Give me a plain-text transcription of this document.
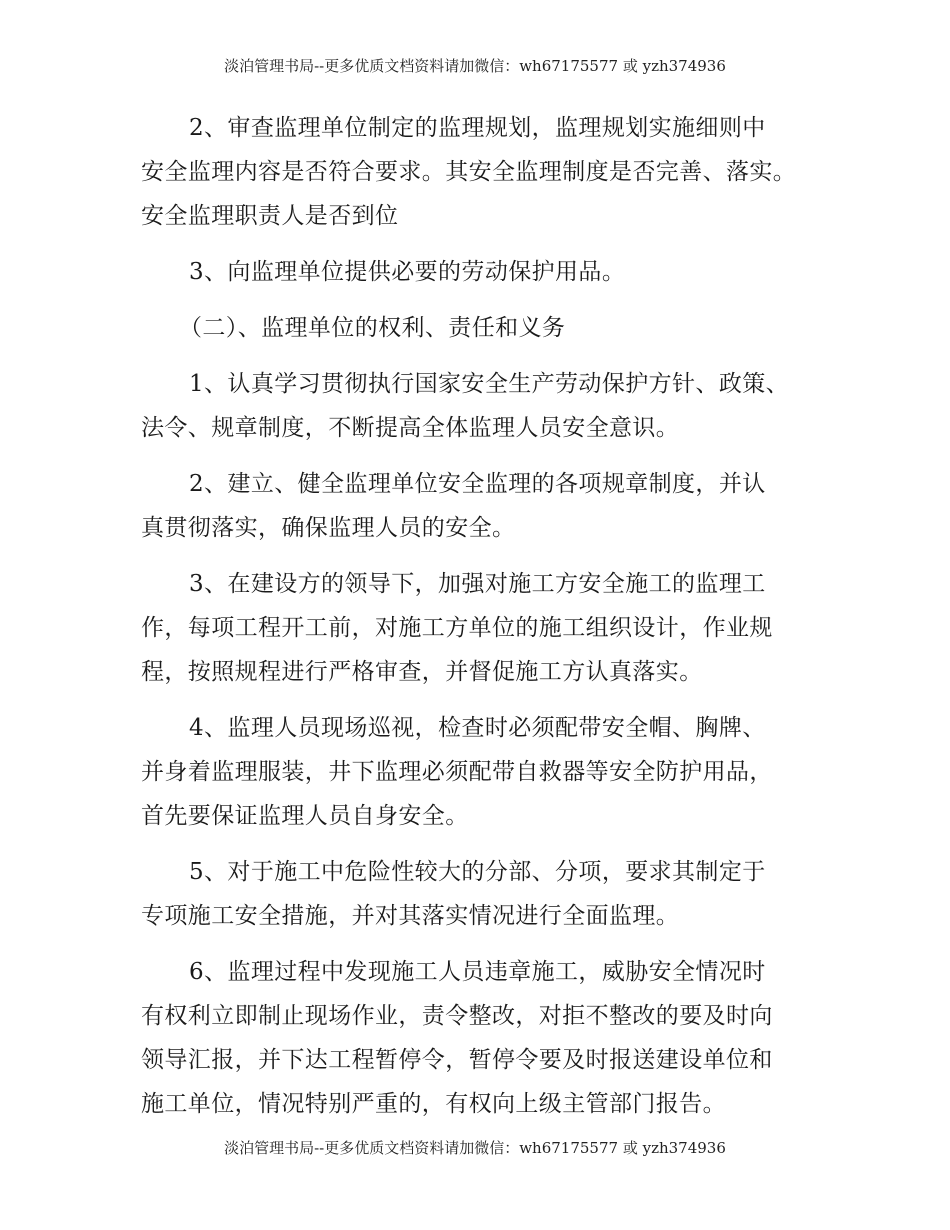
淡泊管理书局--更多优质文档资料请加微信：wh67175577 或 yzh374936

2、审查监理单位制定的监理规划，监理规划实施细则中
安全监理内容是否符合要求。其安全监理制度是否完善、落实。
安全监理职责人是否到位

3、向监理单位提供必要的劳动保护用品。

（二）、监理单位的权利、责任和义务

1、认真学习贯彻执行国家安全生产劳动保护方针、政策、
法令、规章制度，不断提高全体监理人员安全意识。

2、建立、健全监理单位安全监理的各项规章制度，并认
真贯彻落实，确保监理人员的安全。

3、在建设方的领导下，加强对施工方安全施工的监理工
作，每项工程开工前，对施工方单位的施工组织设计，作业规
程，按照规程进行严格审查，并督促施工方认真落实。

4、监理人员现场巡视，检查时必须配带安全帽、胸牌、
并身着监理服装，井下监理必须配带自救器等安全防护用品，
首先要保证监理人员自身安全。

5、对于施工中危险性较大的分部、分项，要求其制定于
专项施工安全措施，并对其落实情况进行全面监理。

6、监理过程中发现施工人员违章施工，威胁安全情况时
有权利立即制止现场作业，责令整改，对拒不整改的要及时向
领导汇报，并下达工程暂停令，暂停令要及时报送建设单位和
施工单位，情况特别严重的，有权向上级主管部门报告。

淡泊管理书局--更多优质文档资料请加微信：wh67175577 或 yzh374936
